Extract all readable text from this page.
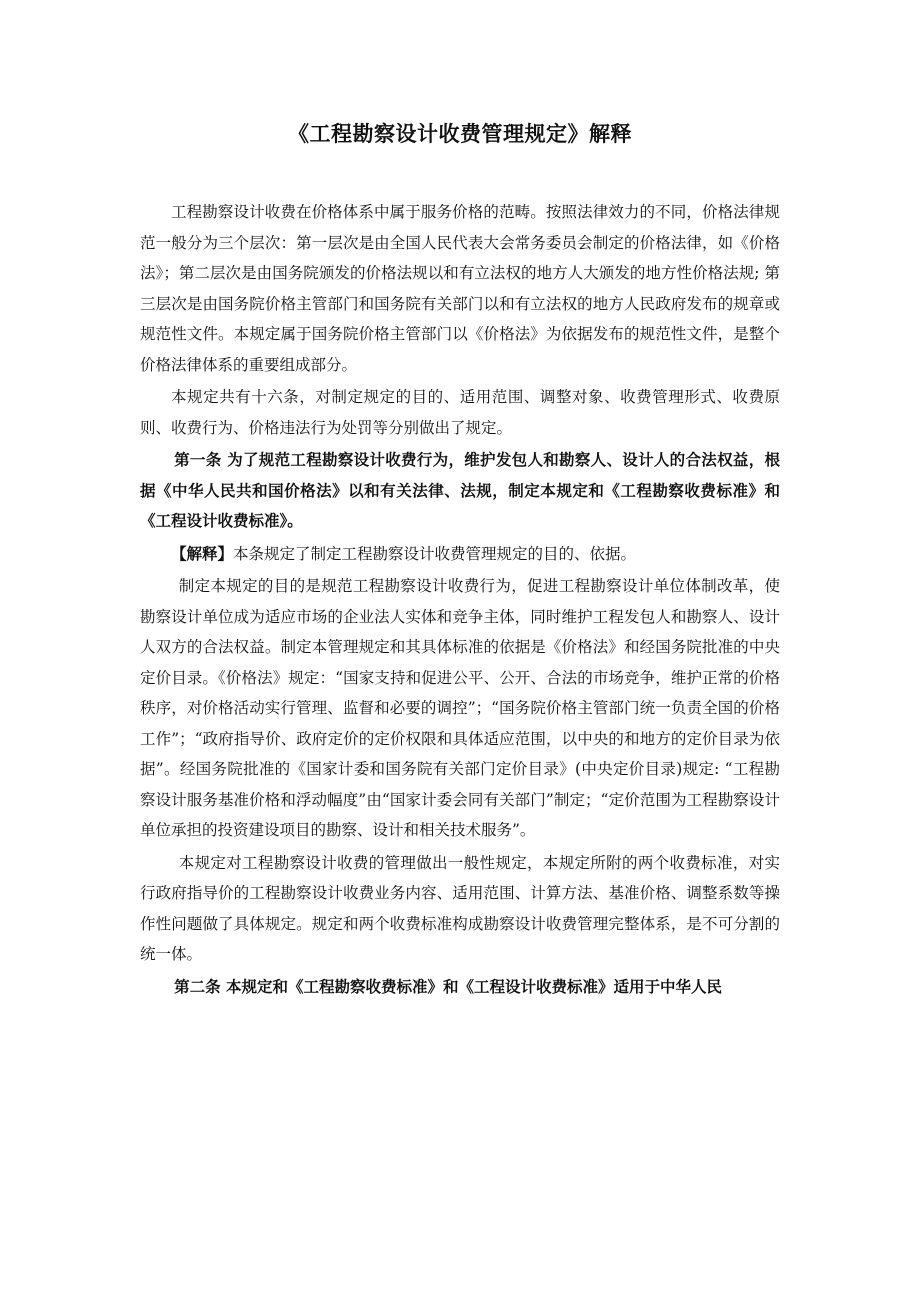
《工程勘察设计收费管理规定》解释

工程勘察设计收费在价格体系中属于服务价格的范畴。按照法律效力的不同，价格法律规范一般分为三个层次：第一层次是由全国人民代表大会常务委员会制定的价格法律，如《价格法》；第二层次是由国务院颁发的价格法规以和有立法权的地方人大颁发的地方性价格法规; 第三层次是由国务院价格主管部门和国务院有关部门以和有立法权的地方人民政府发布的规章或规范性文件。本规定属于国务院价格主管部门以《价格法》为依据发布的规范性文件，是整个价格法律体系的重要组成部分。

本规定共有十六条，对制定规定的目的、适用范围、调整对象、收费管理形式、收费原则、收费行为、价格违法行为处罚等分别做出了规定。

第一条 为了规范工程勘察设计收费行为，维护发包人和勘察人、设计人的合法权益，根据《中华人民共和国价格法》以和有关法律、法规，制定本规定和《工程勘察收费标准》和《工程设计收费标准》。

【解释】本条规定了制定工程勘察设计收费管理规定的目的、依据。

制定本规定的目的是规范工程勘察设计收费行为，促进工程勘察设计单位体制改革，使勘察设计单位成为适应市场的企业法人实体和竞争主体，同时维护工程发包人和勘察人、设计人双方的合法权益。制定本管理规定和其具体标准的依据是《价格法》和经国务院批准的中央定价目录。《价格法》规定：“国家支持和促进公平、公开、合法的市场竞争，维护正常的价格秩序，对价格活动实行管理、监督和必要的调控”；“国务院价格主管部门统一负责全国的价格工作”；“政府指导价、政府定价的定价权限和具体适应范围，以中央的和地方的定价目录为依据”。经国务院批准的《国家计委和国务院有关部门定价目录》(中央定价目录)规定: “工程勘察设计服务基准价格和浮动幅度”由“国家计委会同有关部门”制定；“定价范围为工程勘察设计单位承担的投资建设项目的勘察、设计和相关技术服务”。

本规定对工程勘察设计收费的管理做出一般性规定，本规定所附的两个收费标准，对实行政府指导价的工程勘察设计收费业务内容、适用范围、计算方法、基准价格、调整系数等操作性问题做了具体规定。规定和两个收费标准构成勘察设计收费管理完整体系，是不可分割的统一体。

第二条 本规定和《工程勘察收费标准》和《工程设计收费标准》适用于中华人民
